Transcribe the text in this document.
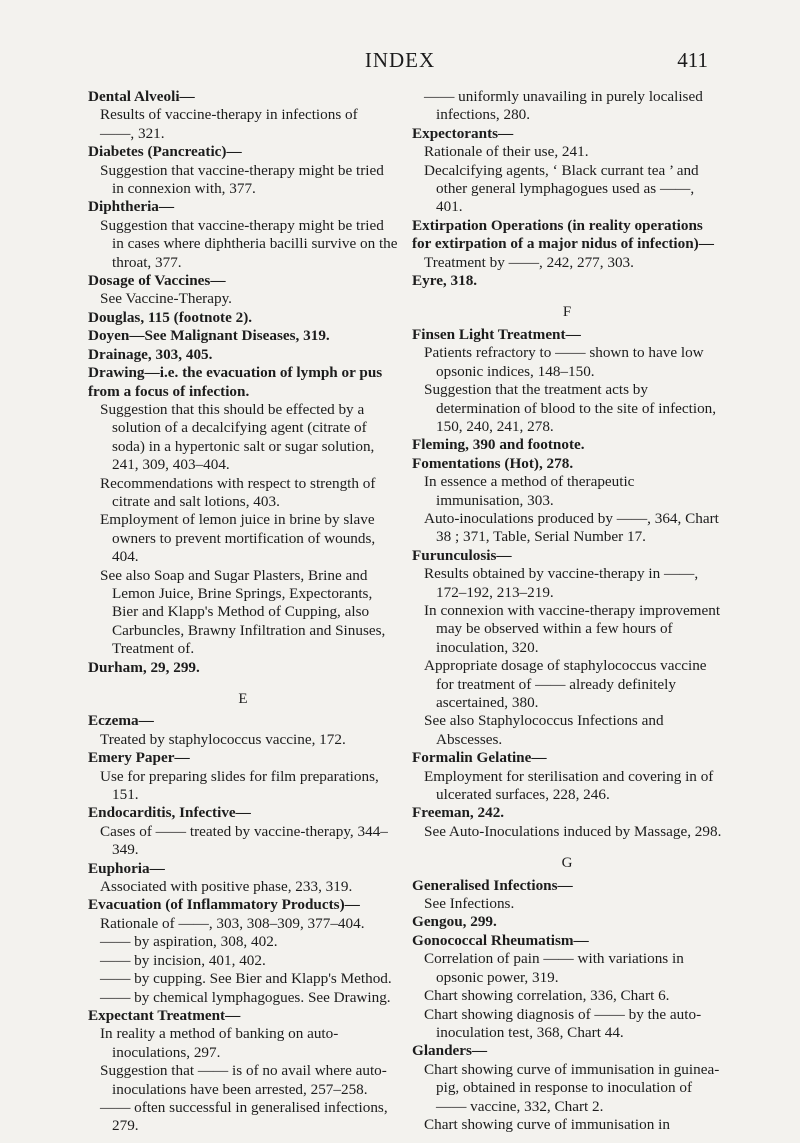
INDEX	411
Dental Alveoli—
Results of vaccine-therapy in infections of
——, 321.
Diabetes (Pancreatic)—
Suggestion that vaccine-therapy might be tried in connexion with, 377.
Diphtheria—
Suggestion that vaccine-therapy might be tried in cases where diphtheria bacilli survive on the throat, 377.
Dosage of Vaccines—
See Vaccine-Therapy.
Douglas, 115 (footnote 2).
Doyen—See Malignant Diseases, 319.
Drainage, 303, 405.
Drawing—i.e. the evacuation of lymph or pus from a focus of infection.
Suggestion that this should be effected by a solution of a decalcifying agent (citrate of soda) in a hypertonic salt or sugar solution, 241, 309, 403–404.
Recommendations with respect to strength of citrate and salt lotions, 403.
Employment of lemon juice in brine by slave owners to prevent mortification of wounds, 404.
See also Soap and Sugar Plasters, Brine and Lemon Juice, Brine Springs, Expectorants, Bier and Klapp's Method of Cupping, also Carbuncles, Brawny Infiltration and Sinuses, Treatment of.
Durham, 29, 299.
E
Eczema—
Treated by staphylococcus vaccine, 172.
Emery Paper—
Use for preparing slides for film preparations, 151.
Endocarditis, Infective—
Cases of —— treated by vaccine-therapy, 344–349.
Euphoria—
Associated with positive phase, 233, 319.
Evacuation (of Inflammatory Products)—
Rationale of ——, 303, 308–309, 377–404.
—— by aspiration, 308, 402.
—— by incision, 401, 402.
—— by cupping. See Bier and Klapp's Method.
—— by chemical lymphagogues. See Drawing.
Expectant Treatment—
In reality a method of banking on auto-inoculations, 297.
Suggestion that —— is of no avail where auto-inoculations have been arrested, 257–258.
—— often successful in generalised infections, 279.
—— uniformly unavailing in purely localised infections, 280.
Expectorants—
Rationale of their use, 241.
Decalcifying agents, ‘ Black currant tea ’ and other general lymphagogues used as ——, 401.
Extirpation Operations (in reality operations for extirpation of a major nidus of infection)—
Treatment by ——, 242, 277, 303.
Eyre, 318.
F
Finsen Light Treatment—
Patients refractory to —— shown to have low opsonic indices, 148–150.
Suggestion that the treatment acts by determination of blood to the site of infection, 150, 240, 241, 278.
Fleming, 390 and footnote.
Fomentations (Hot), 278.
In essence a method of therapeutic immunisation, 303.
Auto-inoculations produced by ——, 364, Chart 38 ; 371, Table, Serial Number 17.
Furunculosis—
Results obtained by vaccine-therapy in ——, 172–192, 213–219.
In connexion with vaccine-therapy improvement may be observed within a few hours of inoculation, 320.
Appropriate dosage of staphylococcus vaccine for treatment of —— already definitely ascertained, 380.
See also Staphylococcus Infections and Abscesses.
Formalin Gelatine—
Employment for sterilisation and covering in of ulcerated surfaces, 228, 246.
Freeman, 242.
See Auto-Inoculations induced by Massage, 298.
G
Generalised Infections—
See Infections.
Gengou, 299.
Gonococcal Rheumatism—
Correlation of pain —— with variations in opsonic power, 319.
Chart showing correlation, 336, Chart 6.
Chart showing diagnosis of —— by the auto-inoculation test, 368, Chart 44.
Glanders—
Chart showing curve of immunisation in guinea-pig, obtained in response to inoculation of —— vaccine, 332, Chart 2.
Chart showing curve of immunisation in
